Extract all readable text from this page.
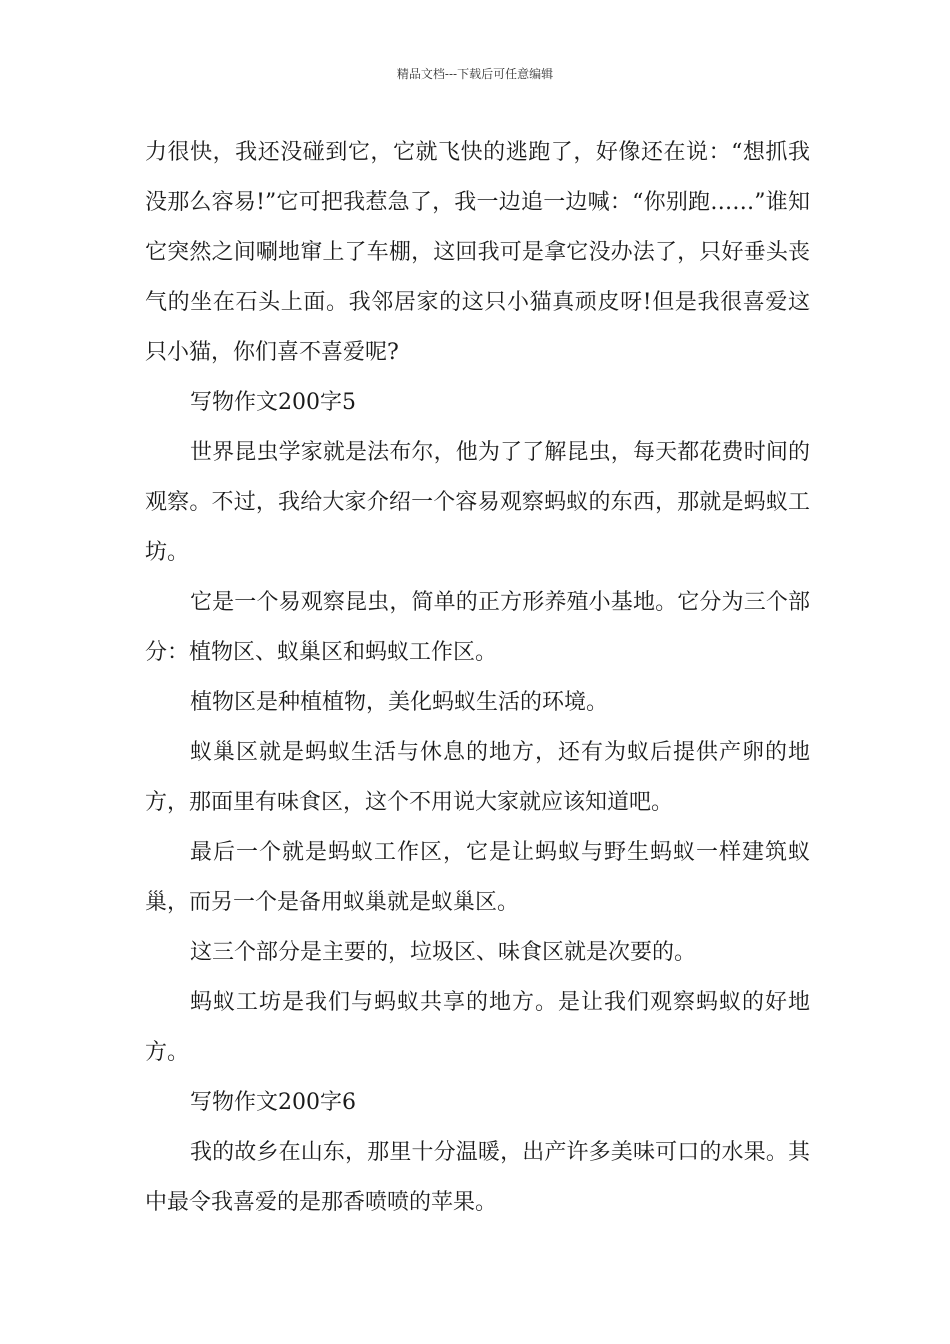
精品文档---下载后可任意编辑

力很快，我还没碰到它，它就飞快的逃跑了，好像还在说：“想抓我没那么容易!”它可把我惹急了，我一边追一边喊：“你别跑……”谁知它突然之间唰地窜上了车棚，这回我可是拿它没办法了，只好垂头丧气的坐在石头上面。我邻居家的这只小猫真顽皮呀!但是我很喜爱这只小猫，你们喜不喜爱呢?

写物作文200字5

世界昆虫学家就是法布尔，他为了了解昆虫，每天都花费时间的观察。不过，我给大家介绍一个容易观察蚂蚁的东西，那就是蚂蚁工坊。

它是一个易观察昆虫，简单的正方形养殖小基地。它分为三个部分：植物区、蚁巢区和蚂蚁工作区。

植物区是种植植物，美化蚂蚁生活的环境。

蚁巢区就是蚂蚁生活与休息的地方，还有为蚁后提供产卵的地方，那面里有味食区，这个不用说大家就应该知道吧。

最后一个就是蚂蚁工作区，它是让蚂蚁与野生蚂蚁一样建筑蚁巢，而另一个是备用蚁巢就是蚁巢区。

这三个部分是主要的，垃圾区、味食区就是次要的。

蚂蚁工坊是我们与蚂蚁共享的地方。是让我们观察蚂蚁的好地方。

写物作文200字6

我的故乡在山东，那里十分温暖，出产许多美味可口的水果。其中最令我喜爱的是那香喷喷的苹果。
